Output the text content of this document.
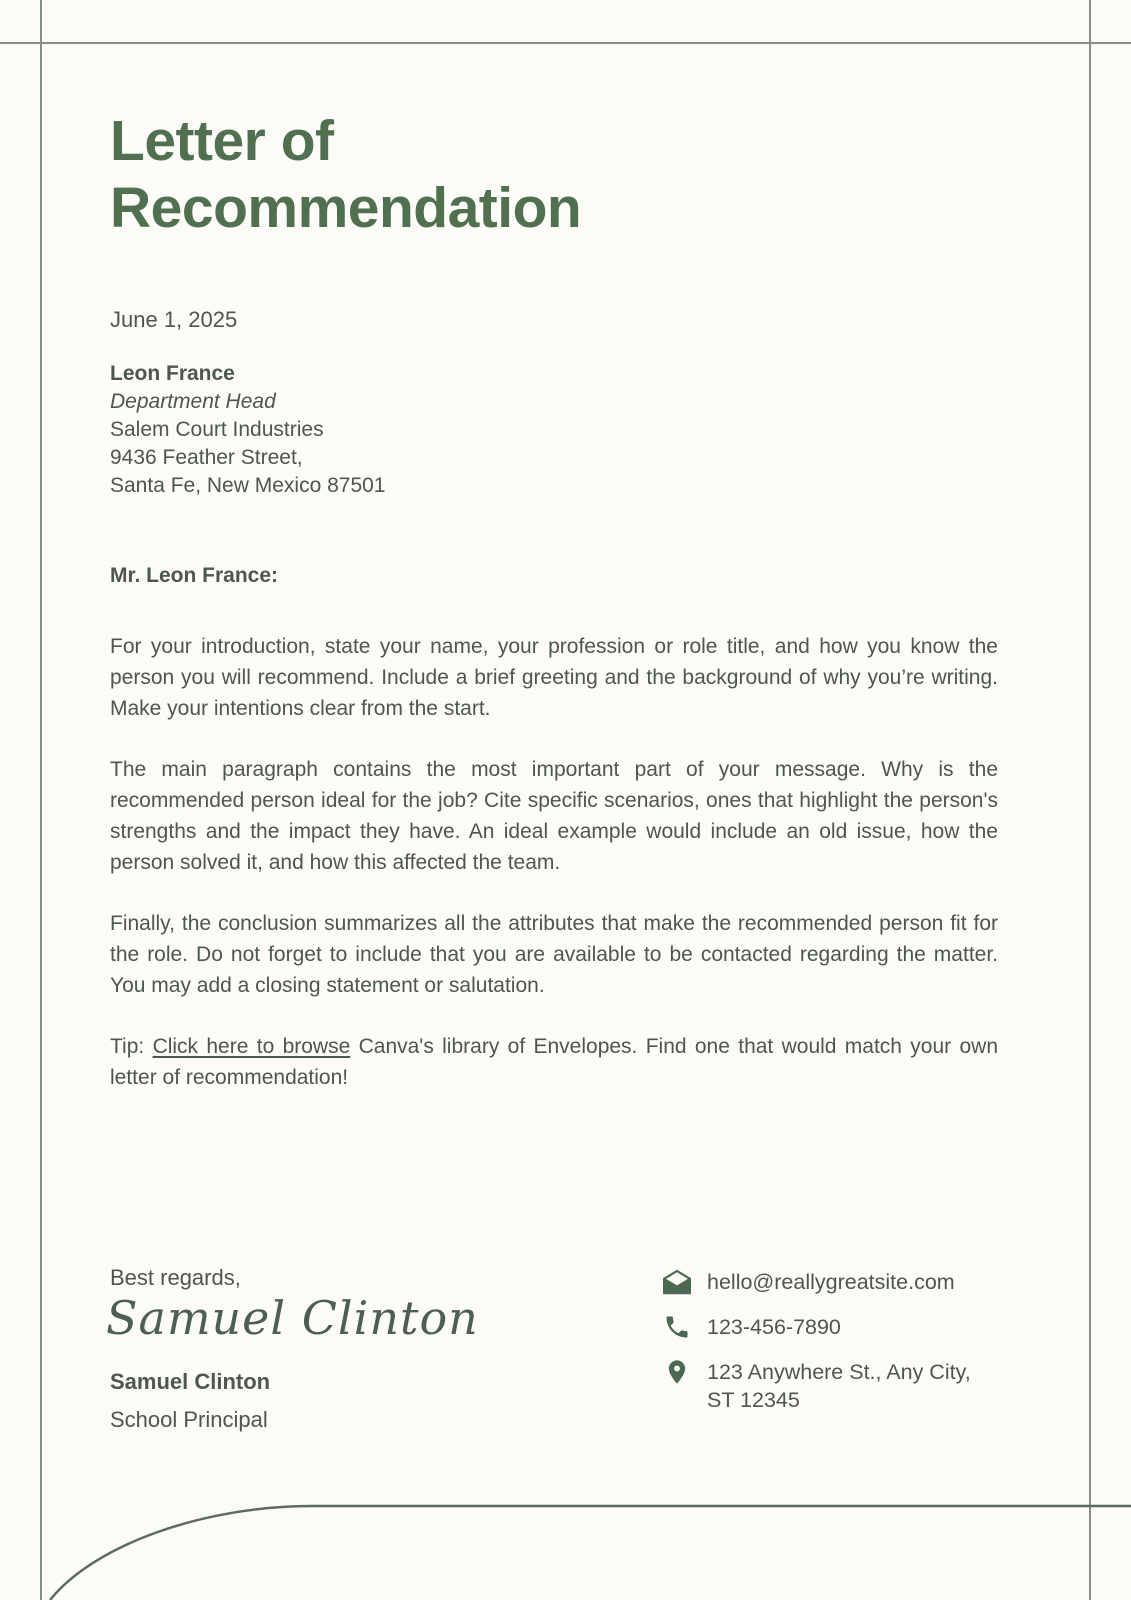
Letter of
Recommendation
June 1, 2025
Leon France
Department Head
Salem Court Industries
9436 Feather Street,
Santa Fe, New Mexico 87501

Mr. Leon France:

For your introduction, state your name, your profession or role title, and how you know the person you will recommend. Include a brief greeting and the background of why you’re writing. Make your intentions clear from the start.

The main paragraph contains the most important part of your message. Why is the recommended person ideal for the job? Cite specific scenarios, ones that highlight the person's strengths and the impact they have. An ideal example would include an old issue, how the person solved it, and how this affected the team.

Finally, the conclusion summarizes all the attributes that make the recommended person fit for the role. Do not forget to include that you are available to be contacted regarding the matter. You may add a closing statement or salutation.

Tip: Click here to browse Canva's library of Envelopes. Find one that would match your own letter of recommendation!

Best regards,
Samuel Clinton
Samuel Clinton
School Principal
hello@reallygreatsite.com
123-456-7890
123 Anywhere St., Any City,
ST 12345
